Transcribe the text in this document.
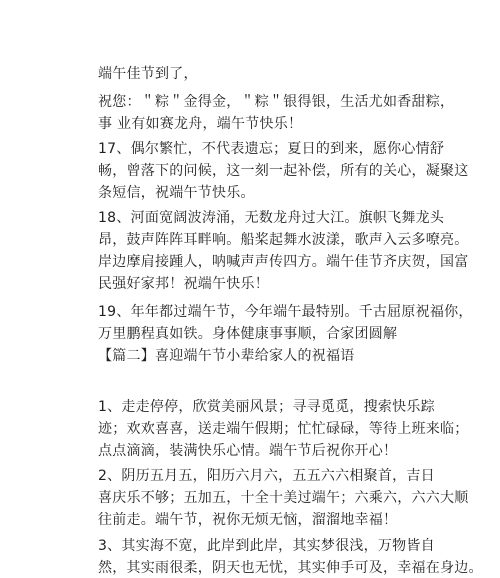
端午佳节到了，
祝您：＂粽＂金得金，＂粽＂银得银，生活尤如香甜粽，
事 业有如赛龙舟，端午节快乐！
17、偶尔繁忙，不代表遗忘；夏日的到来，愿你心情舒
畅，曾落下的问候，这一刻一起补偿，所有的关心，凝聚这
条短信，祝端午节快乐。
18、河面宽阔波涛涌，无数龙舟过大江。旗帜飞舞龙头
昂，鼓声阵阵耳畔响。船桨起舞水波漾，歌声入云多嘹亮。
岸边摩肩接踵人，呐喊声声传四方。端午佳节齐庆贺，国富
民强好家邦！祝端午快乐！
19、年年都过端午节，今年端午最特别。千古屈原祝福你，
万里鹏程真如铁。身体健康事事顺，合家团圆解
【篇二】喜迎端午节小辈给家人的祝福语
1、走走停停，欣赏美丽风景；寻寻觅觅，搜索快乐踪
迹；欢欢喜喜，送走端午假期；忙忙碌碌，等待上班来临；
点点滴滴，装满快乐心情。端午节后祝你开心！
2、阴历五月五，阳历六月六，五五六六相聚首，吉日
喜庆乐不够；五加五，十全十美过端午；六乘六，六六大顺
往前走。端午节，祝你无烦无恼，溜溜地幸福！
3、其实海不宽，此岸到此岸，其实梦很浅，万物皆自
然，其实雨很柔，阴天也无忧，其实伸手可及，幸福在身边。
